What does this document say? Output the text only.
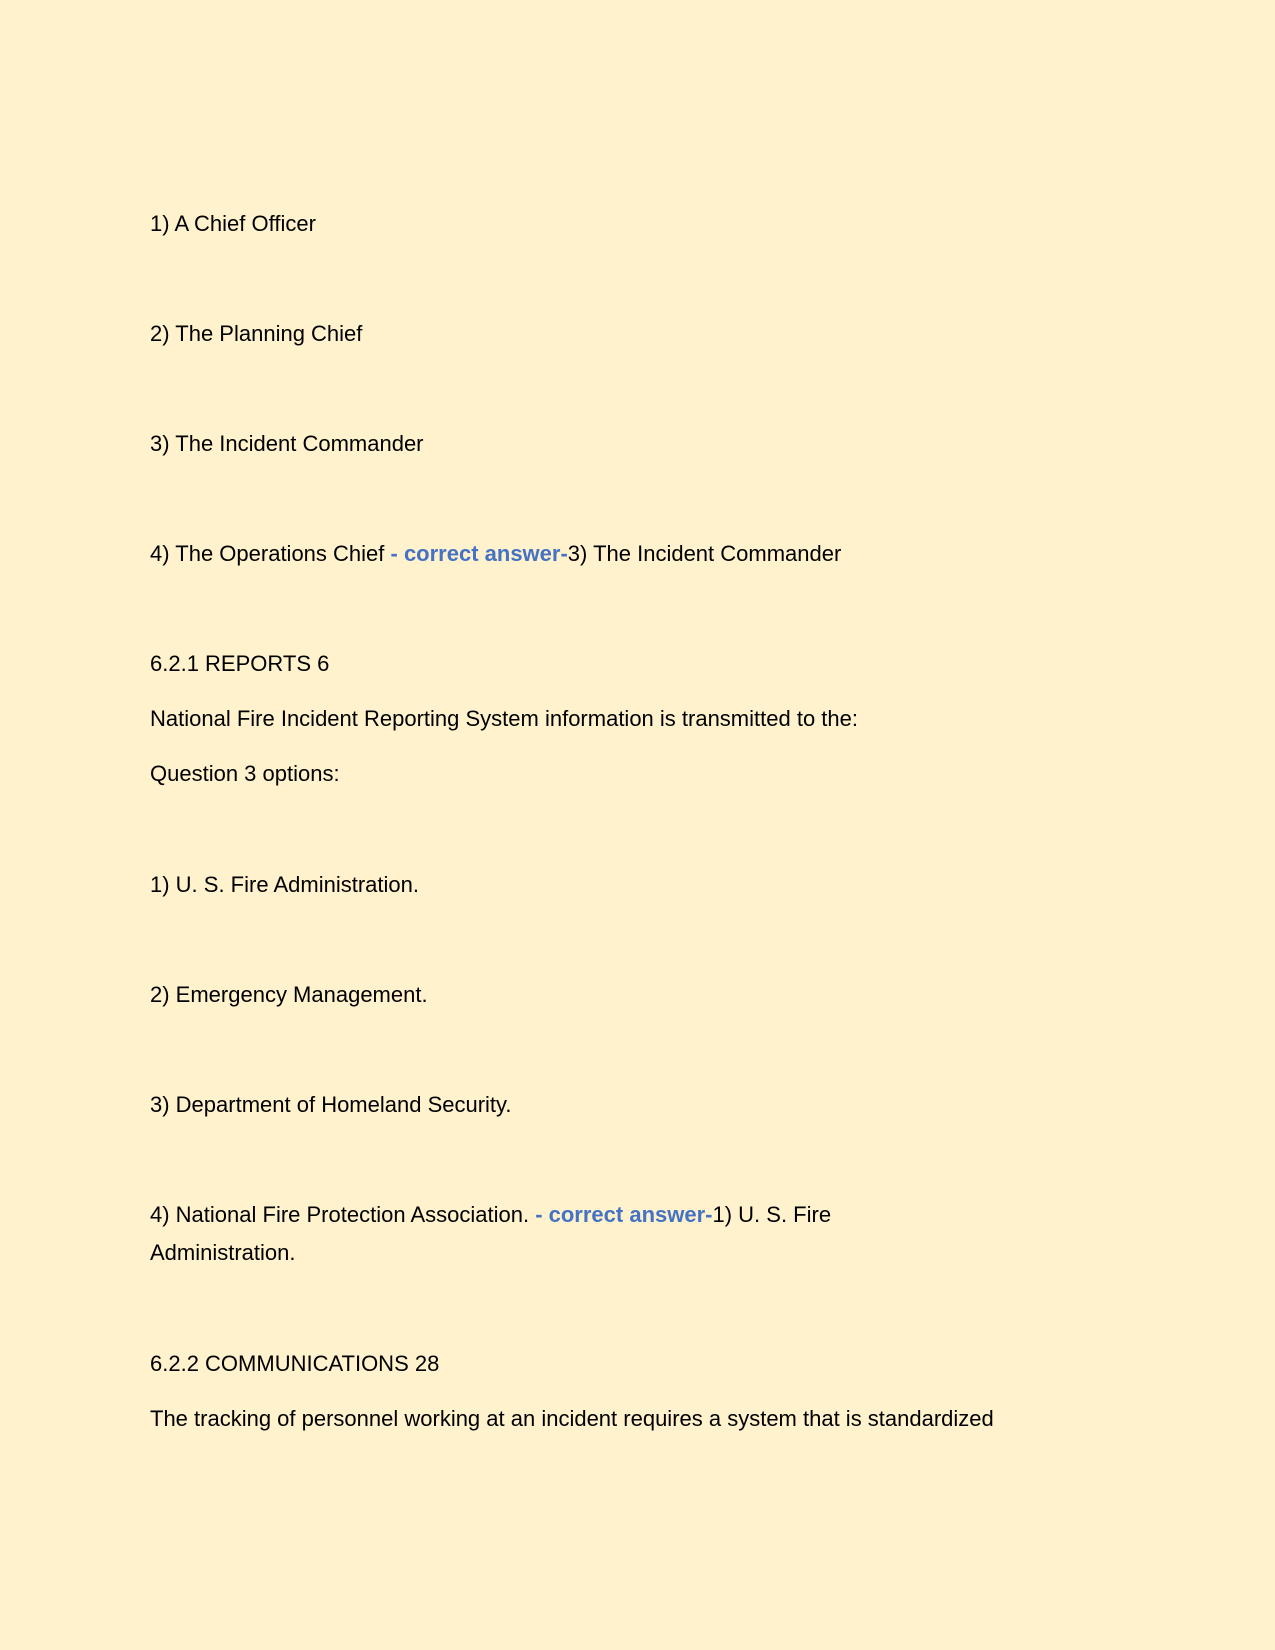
1) A Chief Officer
2) The Planning Chief
3) The Incident Commander
4) The Operations Chief - correct answer-3) The Incident Commander
6.2.1 REPORTS 6
National Fire Incident Reporting System information is transmitted to the:
Question 3 options:
1) U. S. Fire Administration.
2) Emergency Management.
3) Department of Homeland Security.
4) National Fire Protection Association. - correct answer-1) U. S. Fire Administration.
6.2.2 COMMUNICATIONS 28
The tracking of personnel working at an incident requires a system that is standardized
